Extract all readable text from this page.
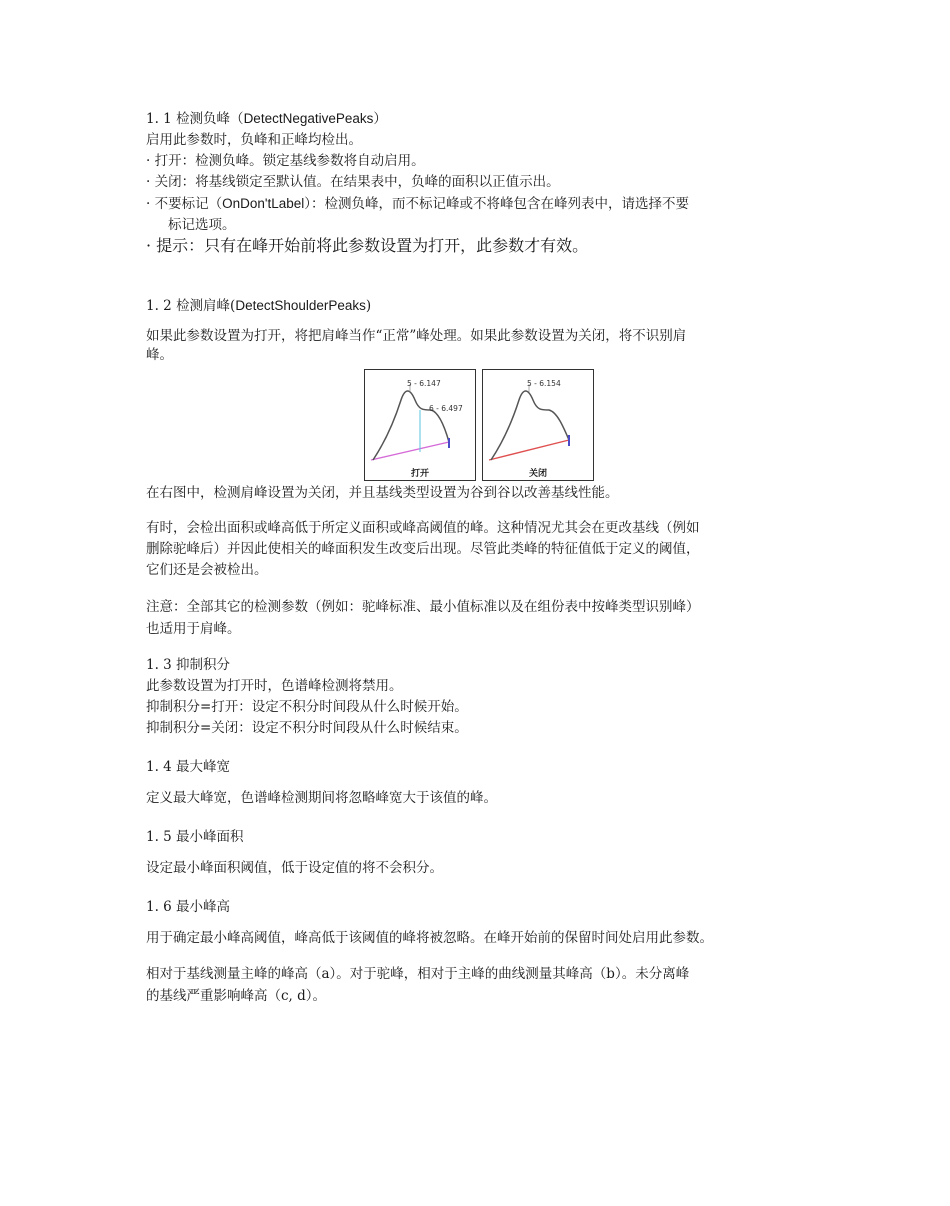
1. 1 检测负峰（DetectNegativePeaks）
启用此参数时，负峰和正峰均检出。
· 打开：检测负峰。锁定基线参数将自动启用。
· 关闭：将基线锁定至默认值。在结果表中，负峰的面积以正值示出。
· 不要标记（OnDon'tLabel）：检测负峰，而不标记峰或不将峰包含在峰列表中，请选择不要
标记选项。
· 提示：只有在峰开始前将此参数设置为打开，此参数才有效。
1. 2 检测肩峰(DetectShoulderPeaks)
如果此参数设置为打开，将把肩峰当作“正常”峰处理。如果此参数设置为关闭，将不识别肩
峰。
5 - 6.147
6 - 6.497
打开
5 - 6.154
关闭
在右图中，检测肩峰设置为关闭，并且基线类型设置为谷到谷以改善基线性能。
有时，会检出面积或峰高低于所定义面积或峰高阈值的峰。这种情况尤其会在更改基线（例如
删除驼峰后）并因此使相关的峰面积发生改变后出现。尽管此类峰的特征值低于定义的阈值，
它们还是会被检出。
注意：全部其它的检测参数（例如：驼峰标准、最小值标准以及在组份表中按峰类型识别峰）
也适用于肩峰。
1. 3 抑制积分
此参数设置为打开时，色谱峰检测将禁用。
抑制积分=打开：设定不积分时间段从什么时候开始。
抑制积分=关闭：设定不积分时间段从什么时候结束。
1. 4 最大峰宽
定义最大峰宽，色谱峰检测期间将忽略峰宽大于该值的峰。
1. 5 最小峰面积
设定最小峰面积阈值，低于设定值的将不会积分。
1. 6 最小峰高
用于确定最小峰高阈值，峰高低于该阈值的峰将被忽略。在峰开始前的保留时间处启用此参数。
相对于基线测量主峰的峰高（a）。对于驼峰，相对于主峰的曲线测量其峰高（b）。未分离峰
的基线严重影响峰高（c, d）。
